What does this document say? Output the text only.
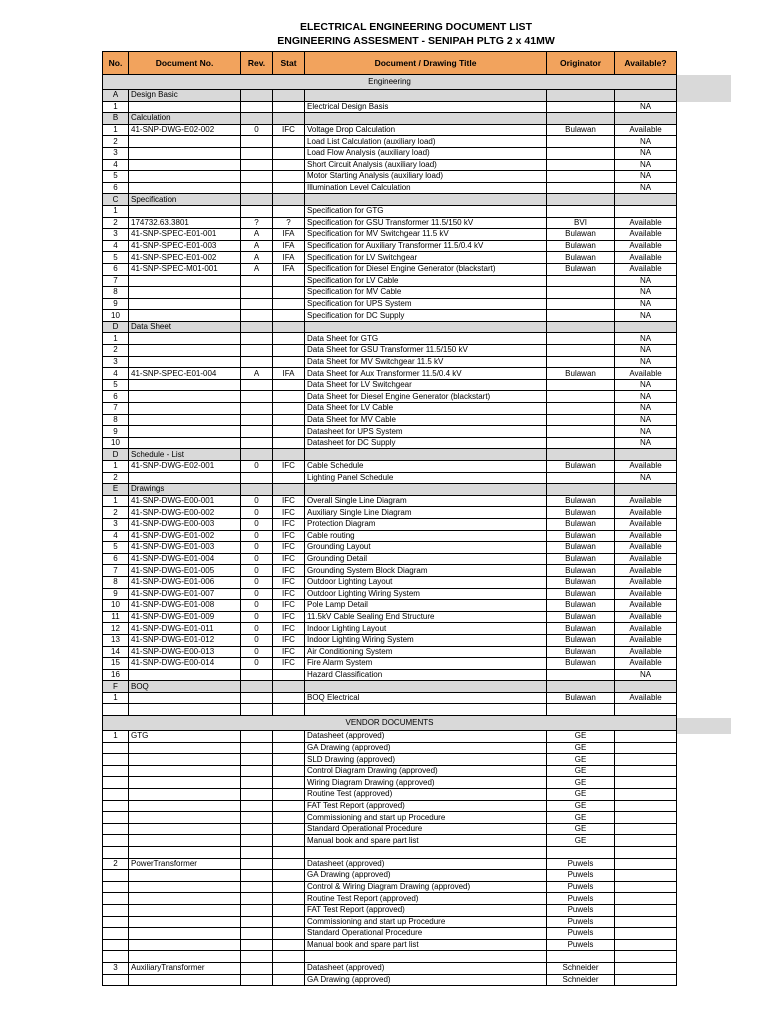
ELECTRICAL ENGINEERING DOCUMENT LIST
ENGINEERING ASSESMENT - SENIPAH PLTG 2 x 41MW
No.	Document No.	Rev.	Stat	Document / Drawing Title	Originator	Available?
Engineering						
A	Design Basic					
1				Electrical Design Basis		NA
B	Calculation					
1	41-SNP-DWG-E02-002	0	IFC	Voltage Drop Calculation	Bulawan	Available
2				Load List Calculation (auxiliary load)		NA
3				Load Flow Analysis (auxiliary load)		NA
4				Short Circuit Analysis (auxiliary load)		NA
5				Motor Starting Analysis (auxiliary load)		NA
6				Illumination Level Calculation		NA
C	Specification					
1				Specification for GTG		
2	174732.63.3801	?	?	Specification for GSU Transformer 11.5/150 kV	BVI	Available
3	41-SNP-SPEC-E01-001	A	IFA	Specification for MV Switchgear 11.5 kV	Bulawan	Available
4	41-SNP-SPEC-E01-003	A	IFA	Specification for Auxiliary Transformer 11.5/0.4 kV	Bulawan	Available
5	41-SNP-SPEC-E01-002	A	IFA	Specification for LV Switchgear	Bulawan	Available
6	41-SNP-SPEC-M01-001	A	IFA	Specification for Diesel Engine Generator (blackstart)	Bulawan	Available
7				Specification for LV Cable		NA
8				Specification for MV Cable		NA
9				Specification for UPS System		NA
10				Specification for DC Supply		NA
D	Data Sheet					
1				Data Sheet for GTG		NA
2				Data Sheet for GSU Transformer 11.5/150 kV		NA
3				Data Sheet for MV Switchgear 11.5 kV		NA
4	41-SNP-SPEC-E01-004	A	IFA	Data Sheet for Aux Transformer 11.5/0.4 kV	Bulawan	Available
5				Data Sheet for LV Switchgear		NA
6				Data Sheet for Diesel Engine Generator (blackstart)		NA
7				Data Sheet for LV Cable		NA
8				Data Sheet for MV Cable		NA
9				Datasheet for UPS System		NA
10				Datasheet for DC Supply		NA
D	Schedule - List					
1	41-SNP-DWG-E02-001	0	IFC	Cable Schedule	Bulawan	Available
2				Lighting Panel Schedule		NA
E	Drawings					
1	41-SNP-DWG-E00-001	0	IFC	Overall Single Line Diagram	Bulawan	Available
2	41-SNP-DWG-E00-002	0	IFC	Auxiliary Single Line Diagram	Bulawan	Available
3	41-SNP-DWG-E00-003	0	IFC	Protection Diagram	Bulawan	Available
4	41-SNP-DWG-E01-002	0	IFC	Cable routing	Bulawan	Available
5	41-SNP-DWG-E01-003	0	IFC	Grounding Layout	Bulawan	Available
6	41-SNP-DWG-E01-004	0	IFC	Grounding Detail	Bulawan	Available
7	41-SNP-DWG-E01-005	0	IFC	Grounding System Block Diagram	Bulawan	Available
8	41-SNP-DWG-E01-006	0	IFC	Outdoor Lighting Layout	Bulawan	Available
9	41-SNP-DWG-E01-007	0	IFC	Outdoor Lighting Wiring System	Bulawan	Available
10	41-SNP-DWG-E01-008	0	IFC	Pole Lamp Detail	Bulawan	Available
11	41-SNP-DWG-E01-009	0	IFC	11.5kV Cable Sealing End Structure	Bulawan	Available
12	41-SNP-DWG-E01-011	0	IFC	Indoor Lighting Layout	Bulawan	Available
13	41-SNP-DWG-E01-012	0	IFC	Indoor Lighting Wiring System	Bulawan	Available
14	41-SNP-DWG-E00-013	0	IFC	Air Conditioning System	Bulawan	Available
15	41-SNP-DWG-E00-014	0	IFC	Fire Alarm System	Bulawan	Available
16				Hazard Classification		NA
F	BOQ					
1				BOQ Electrical	Bulawan	Available

VENDOR DOCUMENTS						
1	GTG			Datasheet (approved)	GE	
				GA Drawing (approved)	GE	
				SLD Drawing (approved)	GE	
				Control Diagram Drawing (approved)	GE	
				Wiring Diagram Drawing (approved)	GE	
				Routine Test (approved)	GE	
				FAT Test Report (approved)	GE	
				Commissioning and start up Procedure	GE	
				Standard Operational Procedure	GE	
				Manual book and spare part list	GE	

2	PowerTransformer			Datasheet (approved)	Puwels	
				GA Drawing (approved)	Puwels	
				Control & Wiring Diagram Drawing (approved)	Puwels	
				Routine Test Report (approved)	Puwels	
				FAT Test Report (approved)	Puwels	
				Commissioning and start up Procedure	Puwels	
				Standard Operational Procedure	Puwels	
				Manual book and spare part list	Puwels	

3	AuxiliaryTransformer			Datasheet (approved)	Schneider	
				GA Drawing (approved)	Schneider	
